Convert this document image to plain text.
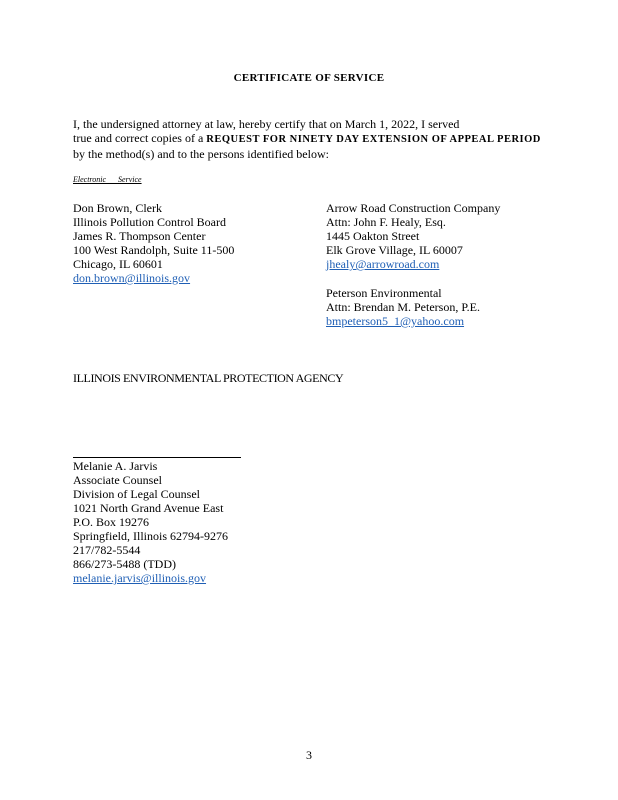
CERTIFICATE OF SERVICE
I, the undersigned attorney at law, hereby certify that on March 1, 2022, I served
true and correct copies of a REQUEST FOR NINETY DAY EXTENSION OF APPEAL PERIOD
by the method(s) and to the persons identified below:
Electronic Service
Don Brown, Clerk
Illinois Pollution Control Board
James R. Thompson Center
100 West Randolph, Suite 11-500
Chicago, IL 60601
don.brown@illinois.gov
Arrow Road Construction Company
Attn: John F. Healy, Esq.
1445 Oakton Street
Elk Grove Village, IL 60007
jhealy@arrowroad.com
Peterson Environmental
Attn: Brendan M. Peterson, P.E.
bmpeterson5_1@yahoo.com
ILLINOIS ENVIRONMENTAL PROTECTION AGENCY
Melanie A. Jarvis
Associate Counsel
Division of Legal Counsel
1021 North Grand Avenue East
P.O. Box 19276
Springfield, Illinois 62794-9276
217/782-5544
866/273-5488 (TDD)
melanie.jarvis@illinois.gov
3
